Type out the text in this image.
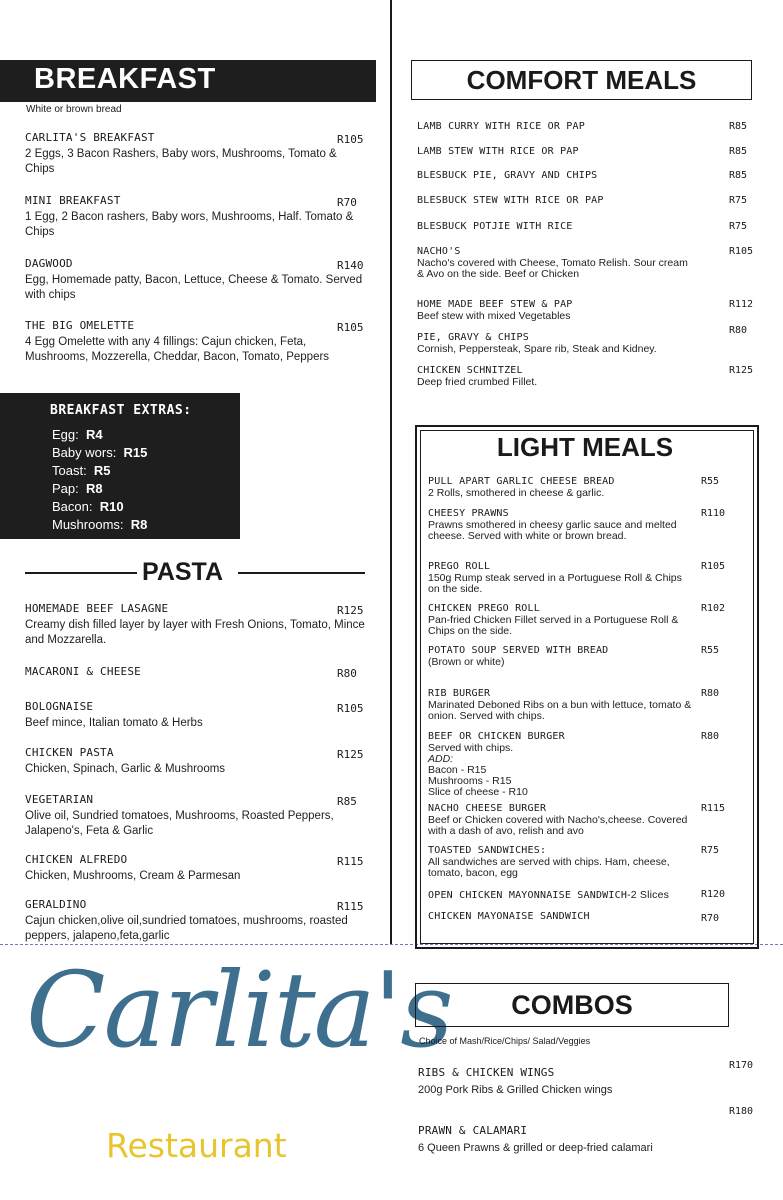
BREAKFAST
White or brown bread
CARLITA'S BREAKFAST
2 Eggs, 3 Bacon Rashers, Baby wors, Mushrooms, Tomato & Chips
R105
MINI BREAKFAST
1 Egg, 2 Bacon rashers, Baby wors, Mushrooms, Half. Tomato & Chips
R70
DAGWOOD
Egg, Homemade patty, Bacon, Lettuce, Cheese & Tomato. Served with chips
R140
THE BIG OMELETTE
4 Egg Omelette with any 4 fillings: Cajun chicken, Feta, Mushrooms, Mozzerella, Cheddar, Bacon, Tomato, Peppers
R105
BREAKFAST EXTRAS:
Egg: R4
Baby wors: R15
Toast: R5
Pap: R8
Bacon: R10
Mushrooms: R8
PASTA
HOMEMADE BEEF LASAGNE
Creamy dish filled layer by layer with Fresh Onions, Tomato, Mince and Mozzarella.
R125
MACARONI & CHEESE	R80
BOLOGNAISE
Beef mince, Italian tomato & Herbs
R105
CHICKEN PASTA
Chicken, Spinach, Garlic & Mushrooms
R125
VEGETARIAN
Olive oil, Sundried tomatoes, Mushrooms, Roasted Peppers, Jalapeno's, Feta & Garlic
R85
CHICKEN ALFREDO
Chicken, Mushrooms, Cream & Parmesan
R115
GERALDINO
Cajun chicken,olive oil,sundried tomatoes, mushrooms, roasted peppers, jalapeno,feta,garlic
R115
Carlita's
Restaurant
COMFORT MEALS
LAMB CURRY WITH RICE OR PAP	R85
LAMB STEW WITH RICE OR PAP	R85
BLESBUCK PIE, GRAVY AND CHIPS	R85
BLESBUCK STEW WITH RICE OR PAP	R75
BLESBUCK POTJIE WITH RICE	R75
NACHO'S
Nacho's covered with Cheese, Tomato Relish. Sour cream & Avo on the side. Beef or Chicken
R105
HOME MADE BEEF STEW & PAP
Beef stew with mixed Vegetables
R112
PIE, GRAVY & CHIPS
Cornish, Peppersteak, Spare rib, Steak and Kidney.
R80
CHICKEN SCHNITZEL
Deep fried crumbed Fillet.
R125
LIGHT MEALS
PULL APART GARLIC CHEESE BREAD
2 Rolls, smothered in cheese & garlic.
R55
CHEESY PRAWNS
Prawns smothered in cheesy garlic sauce and melted cheese. Served with white or brown bread.
R110
PREGO ROLL
150g Rump steak served in a Portuguese Roll & Chips on the side.
R105
CHICKEN PREGO ROLL
Pan-fried Chicken Fillet served in a Portuguese Roll & Chips on the side.
R102
POTATO SOUP SERVED WITH BREAD
(Brown or white)
R55
RIB BURGER
Marinated Deboned Ribs on a bun with lettuce, tomato & onion. Served with chips.
R80
BEEF OR CHICKEN BURGER
Served with chips.
ADD:
Bacon - R15
Mushrooms - R15
Slice of cheese - R10
R80
NACHO CHEESE BURGER
Beef or Chicken covered with Nacho's,cheese. Covered with a dash of avo, relish and avo
R115
TOASTED SANDWICHES:
All sandwiches are served with chips. Ham, cheese, tomato, bacon, egg
R75
OPEN CHICKEN MAYONNAISE SANDWICH-2 Slices	R120
CHICKEN MAYONAISE SANDWICH	R70
COMBOS
Choice of Mash/Rice/Chips/ Salad/Veggies
RIBS & CHICKEN WINGS
200g Pork Ribs & Grilled Chicken wings
R170
PRAWN & CALAMARI
6 Queen Prawns & grilled or deep-fried calamari
R180
